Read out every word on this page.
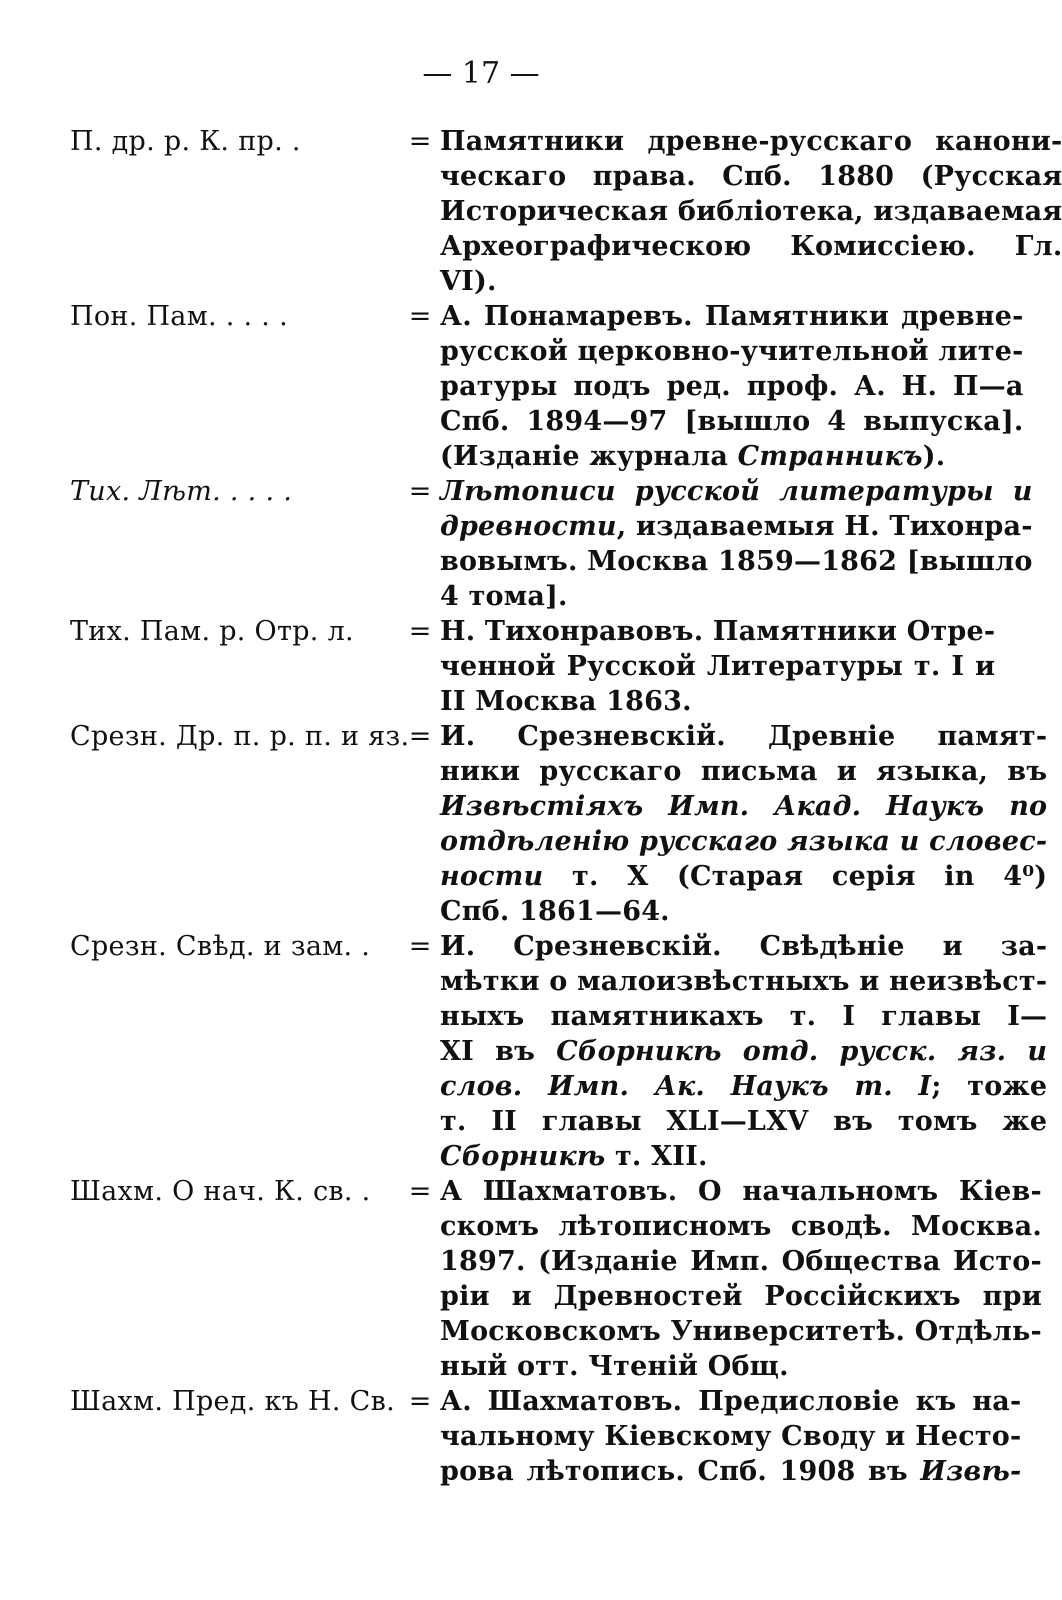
— 17 —
П. др. р. К. пр. .	= Памятники древне-русскаго канони-
ческаго права. Спб. 1880 (Русская
Историческая библіотека, издаваемая
Археографическою Комиссіею. Гл.
VI).
Пон. Пам. . . . .	= А. Понамаревъ. Памятники древне-
русской церковно-учительной лите-
ратуры подъ ред. проф. А. Н. П—а
Спб. 1894—97 [вышло 4 выпуска].
(Изданіе журнала Странникъ).
Тих. Лѣт. . . . .	= Лѣтописи русской литературы и
древности, издаваемыя Н. Тихонра-
вовымъ. Москва 1859—1862 [вышло
4 тома].
Тих. Пам. р. Отр. л.	= Н. Тихонравовъ. Памятники Отре-
ченной Русской Литературы т. I и
II Москва 1863.
Срезн. Др. п. р. п. и яз. = И. Срезневскій. Древніе памят-
ники русскаго письма и языка, въ
Извѣстіяхъ Имп. Акад. Наукъ по
отдѣленію русскаго языка и словес-
ности т. X (Старая серія in 4⁰)
Спб. 1861—64.
Срезн. Свѣд. и зам. .	= И. Срезневскій. Свѣдѣніе и за-
мѣтки о малоизвѣстныхъ и неизвѣст-
ныхъ памятникахъ т. I главы I—
XI въ Сборникѣ отд. русск. яз. и
слов. Имп. Ак. Наукъ т. I; тоже
т. II главы XLI—LXV въ томъ же
Сборникѣ т. XII.
Шахм. О нач. К. св. .	= А Шахматовъ. О начальномъ Кіев-
скомъ лѣтописномъ сводѣ. Москва.
1897. (Изданіе Имп. Общества Исто-
ріи и Древностей Россійскихъ при
Московскомъ Университетѣ. Отдѣль-
ный отт. Чтеній Общ.
Шахм. Пред. къ Н. Св. = А. Шахматовъ. Предисловіе къ на-
чальному Кіевскому Своду и Несто-
рова лѣтопись. Спб. 1908 въ Извѣ-
